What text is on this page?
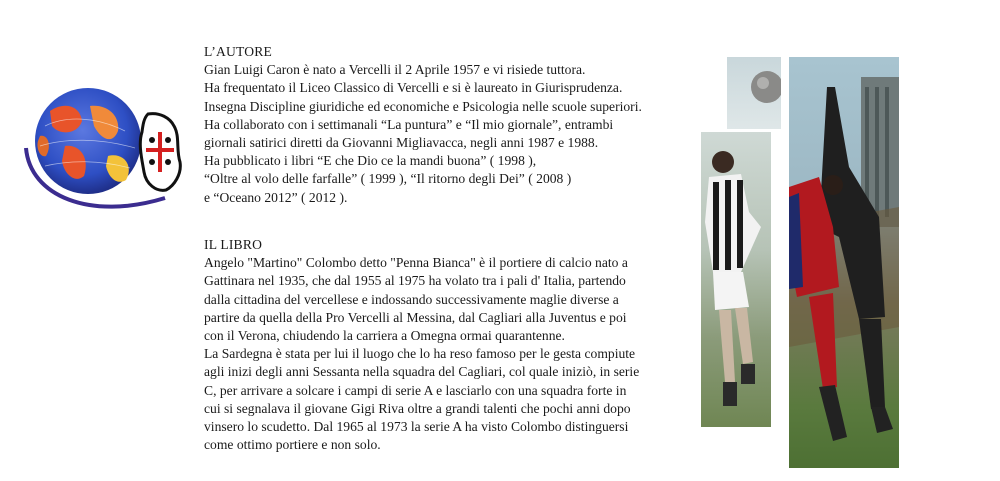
L’AUTORE

Gian Luigi Caron è nato a Vercelli il 2 Aprile 1957 e vi risiede tuttora.

Ha frequentato il Liceo Classico di Vercelli e si è laureato in Giurisprudenza.

Insegna Discipline giuridiche ed economiche e Psicologia nelle scuole superiori.

Ha collaborato con i settimanali “La puntura” e “Il mio giornale”, entrambi

giornali satirici diretti da Giovanni Migliavacca, negli anni 1987 e 1988.

Ha pubblicato i libri “E che Dio ce la mandi buona” ( 1998 ),

“Oltre al volo delle farfalle” ( 1999 ), “Il ritorno degli Dei” ( 2008 )

e “Oceano 2012” ( 2012 ).

IL LIBRO

Angelo "Martino" Colombo detto "Penna Bianca" è il portiere di calcio nato a

Gattinara nel 1935, che dal 1955 al 1975 ha volato tra i pali d' Italia, partendo

dalla cittadina del vercellese e indossando successivamente maglie diverse a

partire da quella della Pro Vercelli al Messina, dal Cagliari alla Juventus e poi

con il Verona, chiudendo la carriera a Omegna ormai quarantenne.

La Sardegna è stata per lui il luogo che lo ha reso famoso per le gesta compiute

agli inizi degli anni Sessanta nella squadra del Cagliari, col quale iniziò, in serie

C, per arrivare a solcare i campi di serie A e lasciarlo con una squadra forte in

cui si segnalava il giovane Gigi Riva oltre a grandi talenti che pochi anni dopo

vinsero lo scudetto. Dal 1965 al 1973 la serie A ha visto Colombo distinguersi

come ottimo portiere e non solo.
